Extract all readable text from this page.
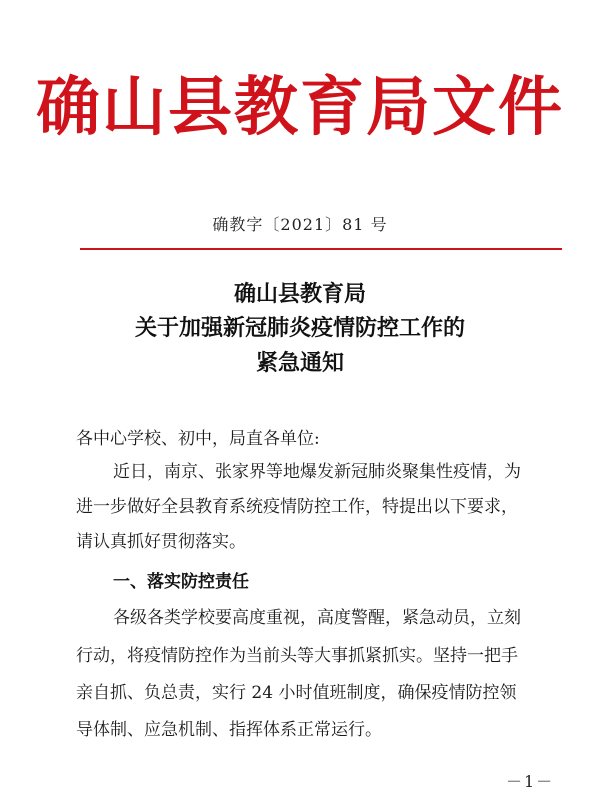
确山县教育局文件
确教字〔2021〕81 号
确山县教育局
关于加强新冠肺炎疫情防控工作的
紧急通知
各中心学校、初中，局直各单位:
近日，南京、张家界等地爆发新冠肺炎聚集性疫情，为
进一步做好全县教育系统疫情防控工作，特提出以下要求，
请认真抓好贯彻落实。
一、落实防控责任
各级各类学校要高度重视，高度警醒，紧急动员，立刻
行动，将疫情防控作为当前头等大事抓紧抓实。坚持一把手
亲自抓、负总责，实行 24 小时值班制度，确保疫情防控领
导体制、应急机制、指挥体系正常运行。
－1－
